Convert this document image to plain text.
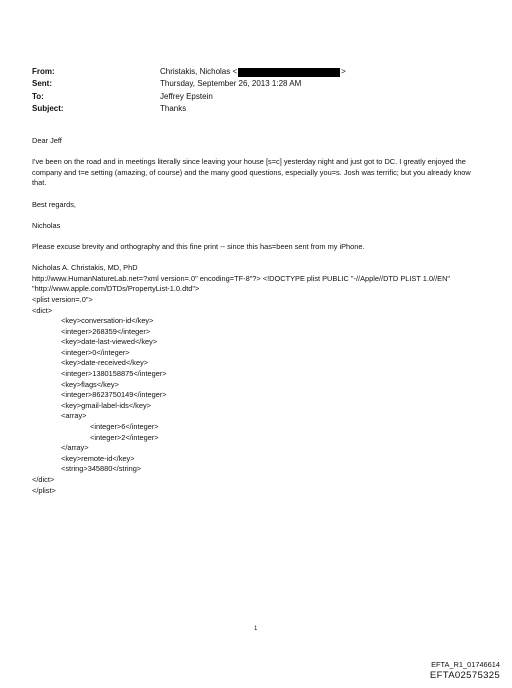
From:	Christakis, Nicholas <	>
Sent:	Thursday, September 26, 2013 1:28 AM
To:	Jeffrey Epstein
Subject:	Thanks

Dear Jeff

I've been on the road and in meetings literally since leaving your house [s=c] yesterday night and just got to DC. I greatly enjoyed the company and t=e setting (amazing, of course) and the many good questions, especially you=s. Josh was terrific; but you already know that.

Best regards,

Nicholas

Please excuse brevity and orthography and this fine print -- since this has=been sent from my iPhone.

Nicholas A. Christakis, MD, PhD

http://www.HumanNatureLab.net=?xml version=.0" encoding=TF-8"?> <!DOCTYPE plist PUBLIC "-//Apple//DTD PLIST 1.0//EN" "http://www.apple.com/DTDs/PropertyList-1.0.dtd">

<plist version=.0">
<dict>
<key>conversation-id</key>
<integer>268359</integer>
<key>date-last-viewed</key>
<integer>0</integer>
<key>date-received</key>
<integer>1380158875</integer>
<key>flags</key>
<integer>8623750149</integer>
<key>gmail-label-ids</key>
<array>
<integer>6</integer>
<integer>2</integer>
</array>
<key>remote-id</key>
<string>345880</string>
</dict>
</plist>
1
EFTA_R1_01746614
EFTA02575325
